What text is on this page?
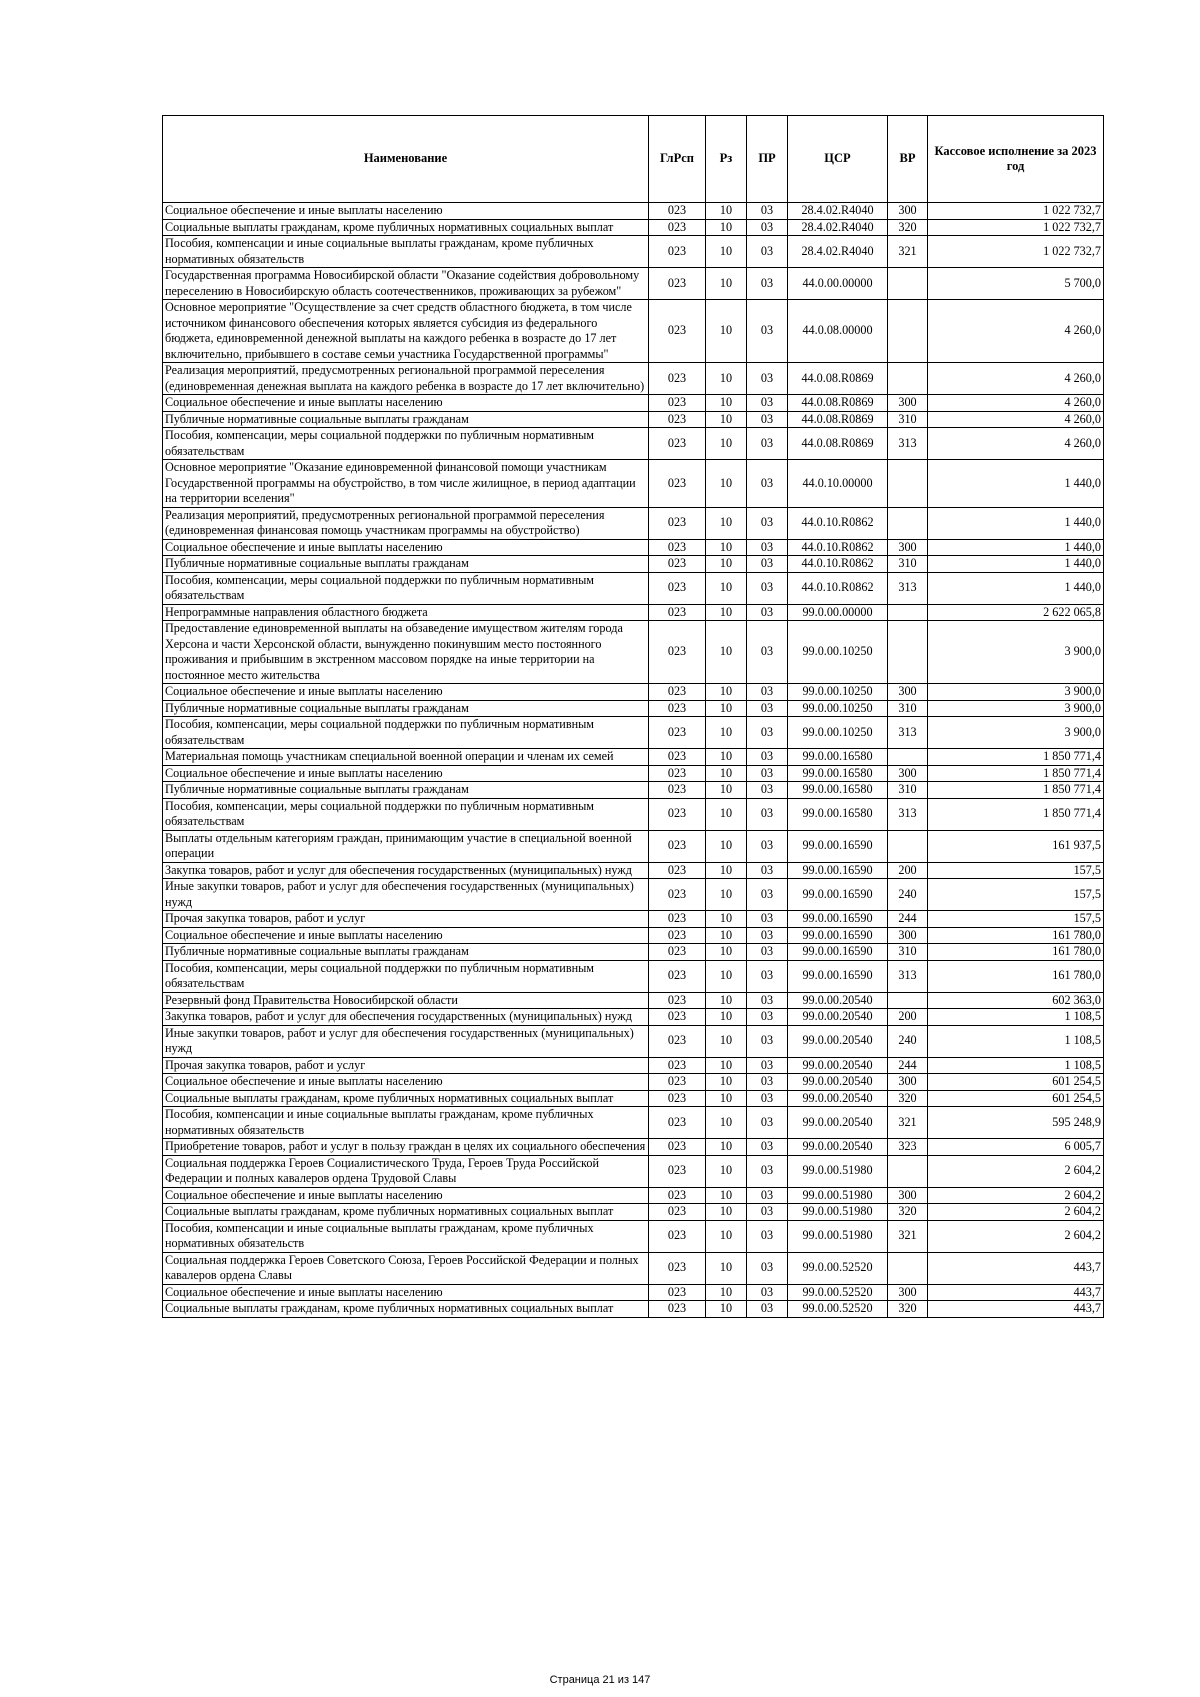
Наименование	ГлРсп	Рз	ПР	ЦСР	ВР	Кассовое исполнение за 2023 год
Социальное обеспечение и иные выплаты населению	023	10	03	28.4.02.R4040	300	1 022 732,7
Социальные выплаты гражданам, кроме публичных нормативных социальных выплат	023	10	03	28.4.02.R4040	320	1 022 732,7
Пособия, компенсации и иные социальные выплаты гражданам, кроме публичных нормативных обязательств	023	10	03	28.4.02.R4040	321	1 022 732,7
Государственная программа Новосибирской области "Оказание содействия добровольному переселению в Новосибирскую область соотечественников, проживающих за рубежом"	023	10	03	44.0.00.00000		5 700,0
Основное мероприятие "Осуществление за счет средств областного бюджета, в том числе источником финансового обеспечения которых является субсидия из федерального бюджета, единовременной денежной выплаты на каждого ребенка в возрасте до 17 лет включительно, прибывшего в составе семьи участника Государственной программы"	023	10	03	44.0.08.00000		4 260,0
Реализация мероприятий, предусмотренных региональной программой переселения (единовременная денежная выплата на каждого ребенка в возрасте до 17 лет включительно)	023	10	03	44.0.08.R0869		4 260,0
Социальное обеспечение и иные выплаты населению	023	10	03	44.0.08.R0869	300	4 260,0
Публичные нормативные социальные выплаты гражданам	023	10	03	44.0.08.R0869	310	4 260,0
Пособия, компенсации, меры социальной поддержки по публичным нормативным обязательствам	023	10	03	44.0.08.R0869	313	4 260,0
Основное мероприятие "Оказание единовременной финансовой помощи участникам Государственной программы на обустройство, в том числе жилищное, в период адаптации на территории вселения"	023	10	03	44.0.10.00000		1 440,0
Реализация мероприятий, предусмотренных региональной программой переселения (единовременная финансовая помощь участникам программы на обустройство)	023	10	03	44.0.10.R0862		1 440,0
Социальное обеспечение и иные выплаты населению	023	10	03	44.0.10.R0862	300	1 440,0
Публичные нормативные социальные выплаты гражданам	023	10	03	44.0.10.R0862	310	1 440,0
Пособия, компенсации, меры социальной поддержки по публичным нормативным обязательствам	023	10	03	44.0.10.R0862	313	1 440,0
Непрограммные направления областного бюджета	023	10	03	99.0.00.00000		2 622 065,8
Предоставление единовременной выплаты на обзаведение имуществом жителям города Херсона и части Херсонской области, вынужденно покинувшим место постоянного проживания и прибывшим в экстренном массовом порядке на иные территории на постоянное место жительства	023	10	03	99.0.00.10250		3 900,0
Социальное обеспечение и иные выплаты населению	023	10	03	99.0.00.10250	300	3 900,0
Публичные нормативные социальные выплаты гражданам	023	10	03	99.0.00.10250	310	3 900,0
Пособия, компенсации, меры социальной поддержки по публичным нормативным обязательствам	023	10	03	99.0.00.10250	313	3 900,0
Материальная помощь участникам специальной военной операции и членам их семей	023	10	03	99.0.00.16580		1 850 771,4
Социальное обеспечение и иные выплаты населению	023	10	03	99.0.00.16580	300	1 850 771,4
Публичные нормативные социальные выплаты гражданам	023	10	03	99.0.00.16580	310	1 850 771,4
Пособия, компенсации, меры социальной поддержки по публичным нормативным обязательствам	023	10	03	99.0.00.16580	313	1 850 771,4
Выплаты отдельным категориям граждан, принимающим участие в специальной военной операции	023	10	03	99.0.00.16590		161 937,5
Закупка товаров, работ и услуг для обеспечения государственных (муниципальных) нужд	023	10	03	99.0.00.16590	200	157,5
Иные закупки товаров, работ и услуг для обеспечения государственных (муниципальных) нужд	023	10	03	99.0.00.16590	240	157,5
Прочая закупка товаров, работ и услуг	023	10	03	99.0.00.16590	244	157,5
Социальное обеспечение и иные выплаты населению	023	10	03	99.0.00.16590	300	161 780,0
Публичные нормативные социальные выплаты гражданам	023	10	03	99.0.00.16590	310	161 780,0
Пособия, компенсации, меры социальной поддержки по публичным нормативным обязательствам	023	10	03	99.0.00.16590	313	161 780,0
Резервный фонд Правительства Новосибирской области	023	10	03	99.0.00.20540		602 363,0
Закупка товаров, работ и услуг для обеспечения государственных (муниципальных) нужд	023	10	03	99.0.00.20540	200	1 108,5
Иные закупки товаров, работ и услуг для обеспечения государственных (муниципальных) нужд	023	10	03	99.0.00.20540	240	1 108,5
Прочая закупка товаров, работ и услуг	023	10	03	99.0.00.20540	244	1 108,5
Социальное обеспечение и иные выплаты населению	023	10	03	99.0.00.20540	300	601 254,5
Социальные выплаты гражданам, кроме публичных нормативных социальных выплат	023	10	03	99.0.00.20540	320	601 254,5
Пособия, компенсации и иные социальные выплаты гражданам, кроме публичных нормативных обязательств	023	10	03	99.0.00.20540	321	595 248,9
Приобретение товаров, работ и услуг в пользу граждан в целях их социального обеспечения	023	10	03	99.0.00.20540	323	6 005,7
Социальная поддержка Героев Социалистического Труда, Героев Труда Российской Федерации и полных кавалеров ордена Трудовой Славы	023	10	03	99.0.00.51980		2 604,2
Социальное обеспечение и иные выплаты населению	023	10	03	99.0.00.51980	300	2 604,2
Социальные выплаты гражданам, кроме публичных нормативных социальных выплат	023	10	03	99.0.00.51980	320	2 604,2
Пособия, компенсации и иные социальные выплаты гражданам, кроме публичных нормативных обязательств	023	10	03	99.0.00.51980	321	2 604,2
Социальная поддержка Героев Советского Союза, Героев Российской Федерации и полных кавалеров ордена Славы	023	10	03	99.0.00.52520		443,7
Социальное обеспечение и иные выплаты населению	023	10	03	99.0.00.52520	300	443,7
Социальные выплаты гражданам, кроме публичных нормативных социальных выплат	023	10	03	99.0.00.52520	320	443,7
Страница 21 из 147
